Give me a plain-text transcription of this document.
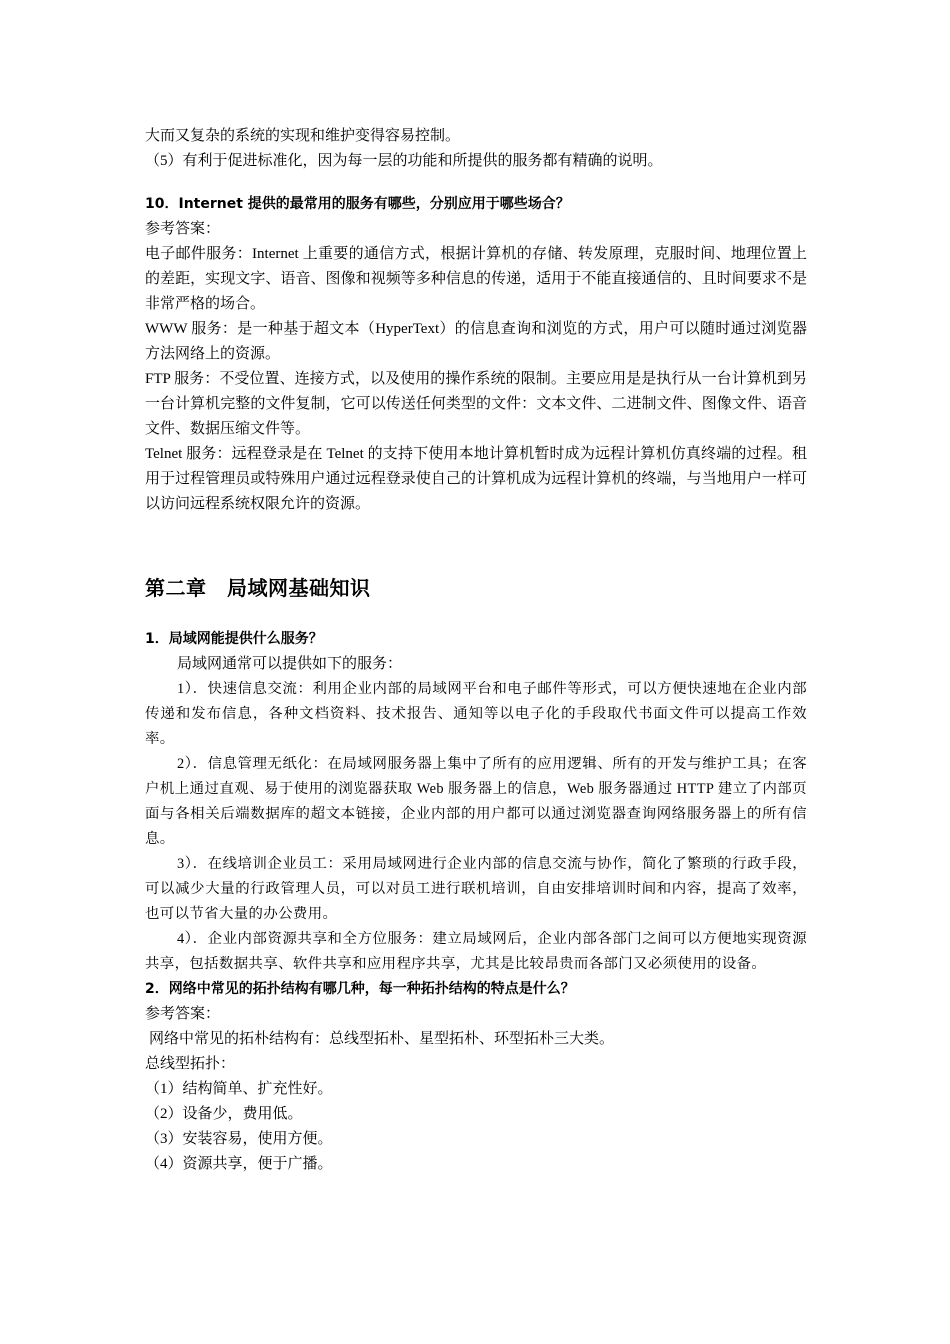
大而又复杂的系统的实现和维护变得容易控制。

（5）有利于促进标准化，因为每一层的功能和所提供的服务都有精确的说明。

10．Internet 提供的最常用的服务有哪些，分别应用于哪些场合？

参考答案：

电子邮件服务：Internet 上重要的通信方式，根据计算机的存储、转发原理，克服时间、地理位置上的差距，实现文字、语音、图像和视频等多种信息的传递，适用于不能直接通信的、且时间要求不是非常严格的场合。

WWW 服务：是一种基于超文本（HyperText）的信息查询和浏览的方式，用户可以随时通过浏览器方法网络上的资源。

FTP 服务：不受位置、连接方式，以及使用的操作系统的限制。主要应用是是执行从一台计算机到另一台计算机完整的文件复制，它可以传送任何类型的文件：文本文件、二进制文件、图像文件、语音文件、数据压缩文件等。

Telnet 服务：远程登录是在 Telnet 的支持下使用本地计算机暂时成为远程计算机仿真终端的过程。租用于过程管理员或特殊用户通过远程登录使自己的计算机成为远程计算机的终端，与当地用户一样可以访问远程系统权限允许的资源。

第二章　局域网基础知识

1．局域网能提供什么服务？

局域网通常可以提供如下的服务：

1）．快速信息交流：利用企业内部的局域网平台和电子邮件等形式，可以方便快速地在企业内部传递和发布信息，各种文档资料、技术报告、通知等以电子化的手段取代书面文件可以提高工作效率。

2）．信息管理无纸化：在局域网服务器上集中了所有的应用逻辑、所有的开发与维护工具；在客户机上通过直观、易于使用的浏览器获取 Web 服务器上的信息，Web 服务器通过 HTTP 建立了内部页面与各相关后端数据库的超文本链接，企业内部的用户都可以通过浏览器查询网络服务器上的所有信息。

3）．在线培训企业员工：采用局域网进行企业内部的信息交流与协作，简化了繁琐的行政手段，可以减少大量的行政管理人员，可以对员工进行联机培训，自由安排培训时间和内容，提高了效率，也可以节省大量的办公费用。

4）．企业内部资源共享和全方位服务：建立局域网后，企业内部各部门之间可以方便地实现资源共享，包括数据共享、软件共享和应用程序共享，尤其是比较昂贵而各部门又必须使用的设备。

2．网络中常见的拓扑结构有哪几种，每一种拓扑结构的特点是什么？

参考答案：

网络中常见的拓朴结构有：总线型拓朴、星型拓朴、环型拓朴三大类。

总线型拓扑：

（1）结构简单、扩充性好。

（2）设备少，费用低。

（3）安装容易，使用方便。

（4）资源共享，便于广播。
